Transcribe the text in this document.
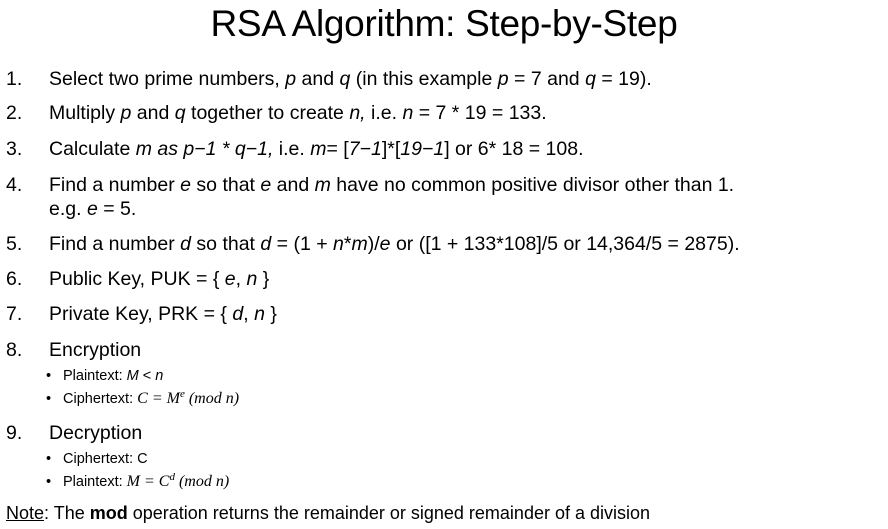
RSA Algorithm: Step-by-Step
1. Select two prime numbers, p and q (in this example p = 7 and q = 19).
2. Multiply p and q together to create n, i.e. n = 7 * 19 = 133.
3. Calculate m as p−1 * q−1, i.e. m= [7−1]*[19−1] or 6* 18 = 108.
4. Find a number e so that e and m have no common positive divisor other than 1.
e.g. e = 5.
5. Find a number d so that d = (1 + n*m)/e or ([1 + 133*108]/5 or 14,364/5 = 2875).
6. Public Key, PUK = { e, n }
7. Private Key, PRK = { d, n }
8. Encryption
• Plaintext: M < n
• Ciphertext: $C = M^e$ (mod n)
9. Decryption
• Ciphertext: C
• Plaintext: $M = C^d$ (mod n)
Note: The mod operation returns the remainder or signed remainder of a division
